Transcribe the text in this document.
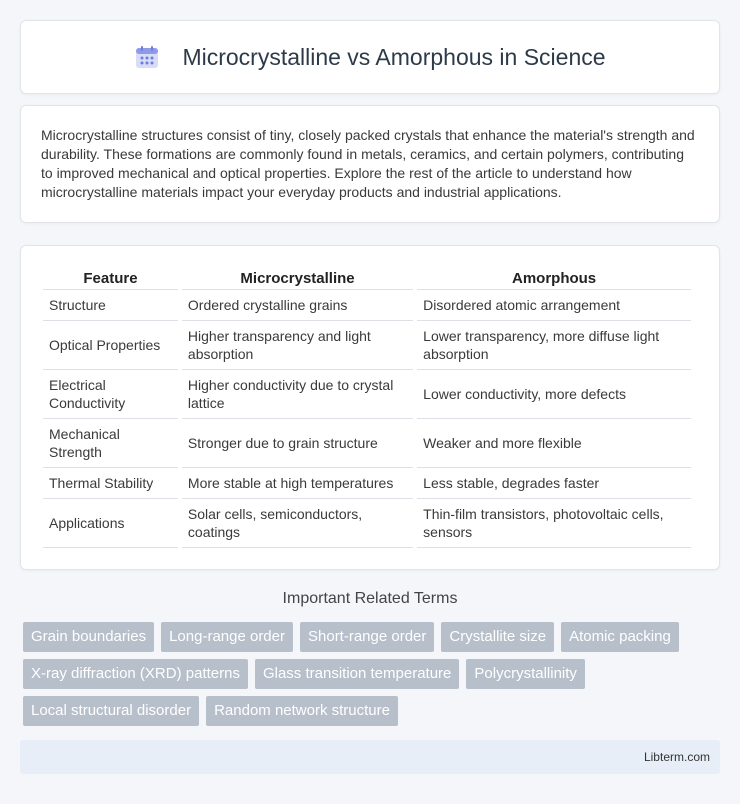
Microcrystalline vs Amorphous in Science

Microcrystalline structures consist of tiny, closely packed crystals that enhance the material's strength and durability. These formations are commonly found in metals, ceramics, and certain polymers, contributing to improved mechanical and optical properties. Explore the rest of the article to understand how microcrystalline materials impact your everyday products and industrial applications.

Feature	Microcrystalline	Amorphous
Structure	Ordered crystalline grains	Disordered atomic arrangement
Optical Properties	Higher transparency and light absorption	Lower transparency, more diffuse light absorption
Electrical Conductivity	Higher conductivity due to crystal lattice	Lower conductivity, more defects
Mechanical Strength	Stronger due to grain structure	Weaker and more flexible
Thermal Stability	More stable at high temperatures	Less stable, degrades faster
Applications	Solar cells, semiconductors, coatings	Thin-film transistors, photovoltaic cells, sensors
Important Related Terms
Grain boundaries	Long-range order	Short-range order	Crystallite size	Atomic packing
X-ray diffraction (XRD) patterns	Glass transition temperature	Polycrystallinity
Local structural disorder	Random network structure
Libterm.com
